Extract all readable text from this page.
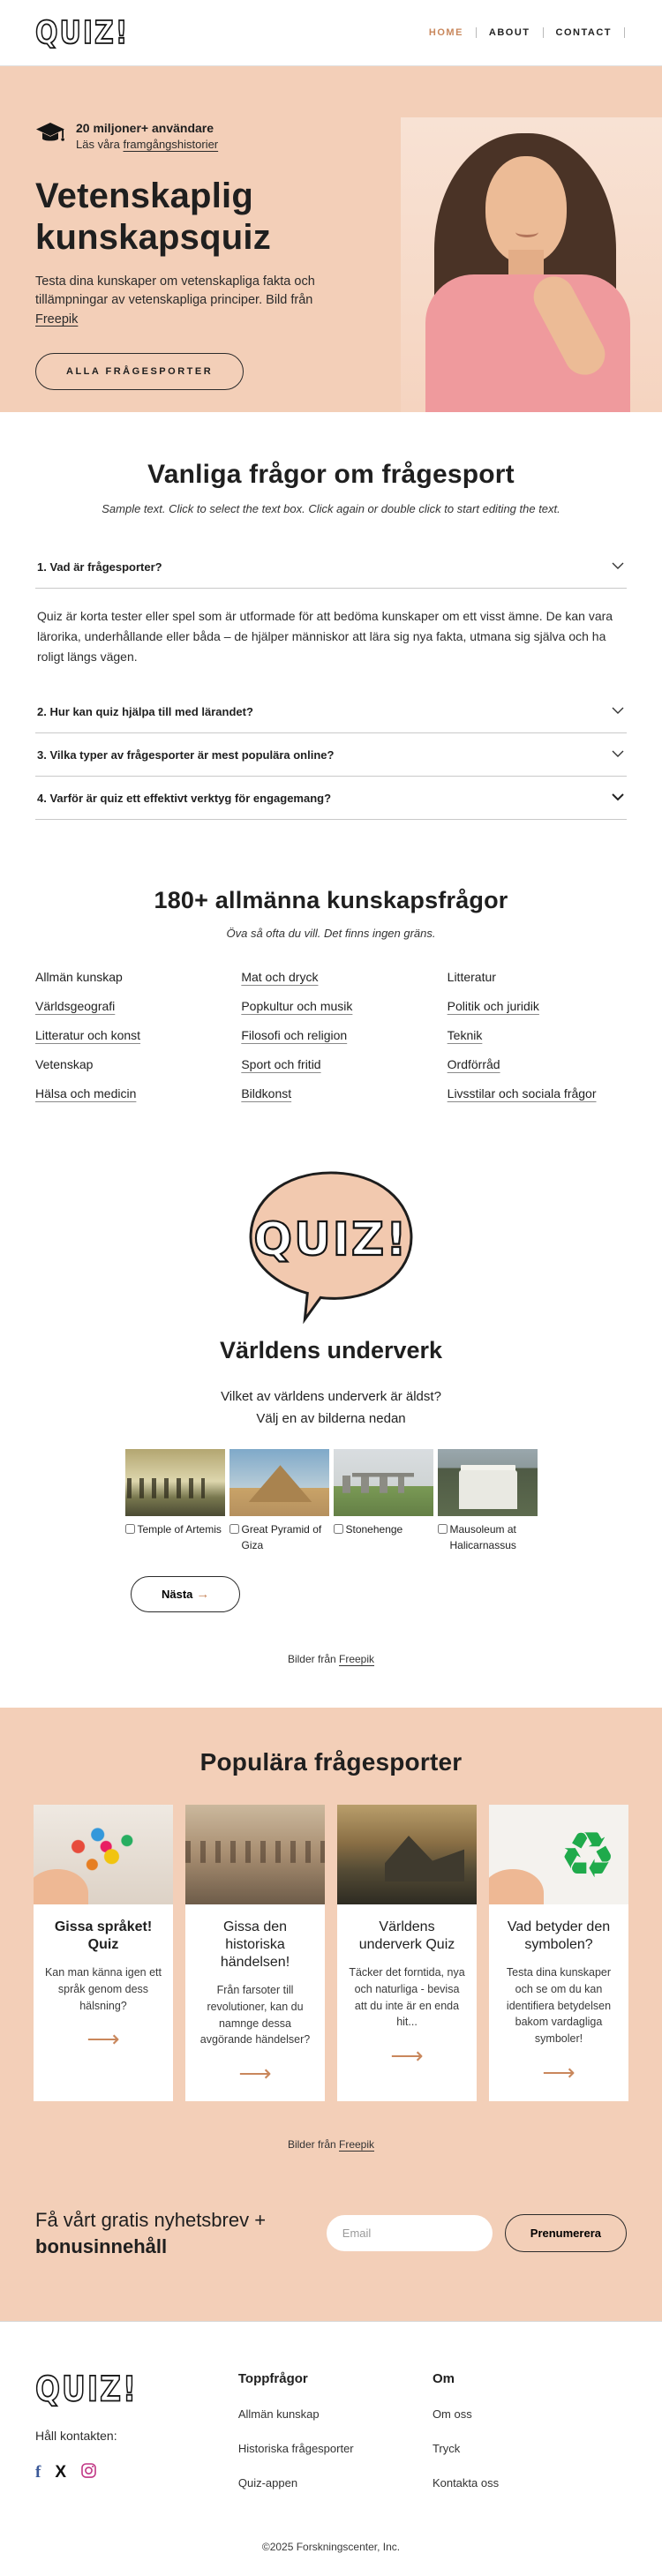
QUIZ!	HOME	ABOUT	CONTACT
20 miljoner+ användare
Läs våra framgångshistorier
Vetenskaplig kunskapsquiz

Testa dina kunskaper om vetenskapliga fakta och tillämpningar av vetenskapliga principer. Bild från Freepik

ALLA FRÅGESPORTER
Vanliga frågor om frågesport

Sample text. Click to select the text box. Click again or double click to start editing the text.

1. Vad är frågesporter?

Quiz är korta tester eller spel som är utformade för att bedöma kunskaper om ett visst ämne. De kan vara lärorika, underhållande eller båda – de hjälper människor att lära sig nya fakta, utmana sig själva och ha roligt längs vägen.

2. Hur kan quiz hjälpa till med lärandet?
3. Vilka typer av frågesporter är mest populära online?
4. Varför är quiz ett effektivt verktyg för engagemang?
180+ allmänna kunskapsfrågor

Öva så ofta du vill. Det finns ingen gräns.

Allmän kunskap
Världsgeografi
Litteratur och konst
Vetenskap
Hälsa och medicin
Mat och dryck
Popkultur och musik
Filosofi och religion
Sport och fritid
Bildkonst
Litteratur
Politik och juridik
Teknik
Ordförråd
Livsstilar och sociala frågor
QUIZ!
Världens underverk

Vilket av världens underverk är äldst?

Välj en av bilderna nedan

Temple of Artemis Great Pyramid of Giza
Stonehenge	Mausoleum at Halicarnassus
Nästa →

Bilder från Freepik

Populära frågesporter
Gissa språket! Quiz
Kan man känna igen ett språk genom dess hälsning?
⟶
Gissa den historiska händelsen!
Från farsoter till revolutioner, kan du namnge dessa avgörande händelser?
⟶
Världens underverk Quiz
Täcker det forntida, nya och naturliga - bevisa att du inte är en enda hit...
⟶
♻
Vad betyder den symbolen?
Testa dina kunskaper och se om du kan identifiera betydelsen bakom vardagliga symboler!
⟶

Bilder från Freepik

Få vårt gratis nyhetsbrev +
bonusinnehåll
Email
Prenumerera
QUIZ!
Håll kontakten:
f X
Toppfrågor
Allmän kunskap
Historiska frågesporter
Quiz-appen
Om
Om oss
Tryck
Kontakta oss
©2025 Forskningscenter, Inc.
